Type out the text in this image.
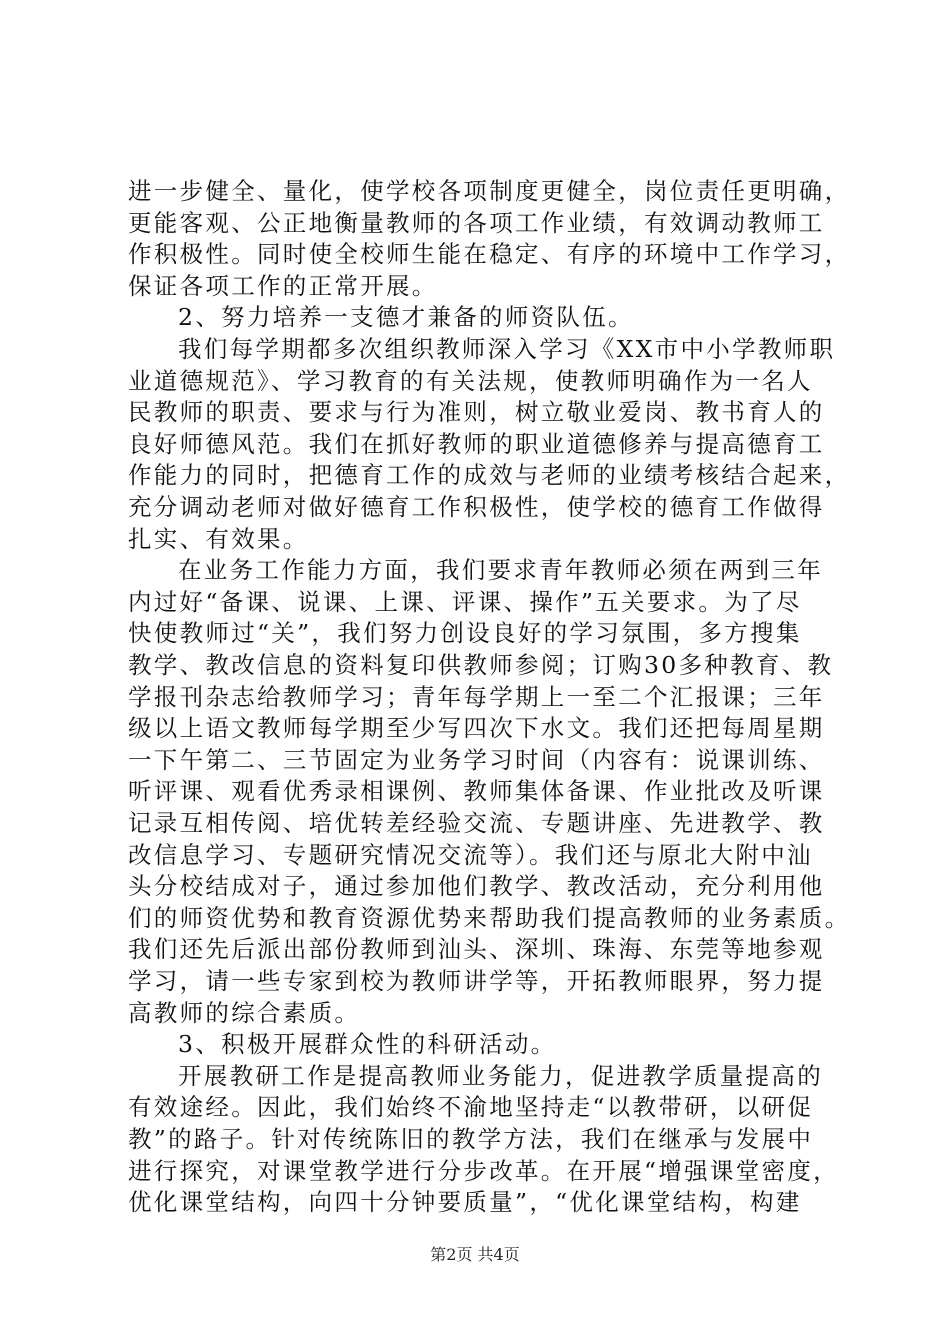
进一步健全、量化，使学校各项制度更健全，岗位责任更明确，
更能客观、公正地衡量教师的各项工作业绩，有效调动教师工
作积极性。同时使全校师生能在稳定、有序的环境中工作学习，
保证各项工作的正常开展。
2、努力培养一支德才兼备的师资队伍。
我们每学期都多次组织教师深入学习《XX市中小学教师职
业道德规范》、学习教育的有关法规，使教师明确作为一名人
民教师的职责、要求与行为准则，树立敬业爱岗、教书育人的
良好师德风范。我们在抓好教师的职业道德修养与提高德育工
作能力的同时，把德育工作的成效与老师的业绩考核结合起来，
充分调动老师对做好德育工作积极性，使学校的德育工作做得
扎实、有效果。
在业务工作能力方面，我们要求青年教师必须在两到三年
内过好“备课、说课、上课、评课、操作”五关要求。为了尽
快使教师过“关”，我们努力创设良好的学习氛围，多方搜集
教学、教改信息的资料复印供教师参阅；订购30多种教育、教
学报刊杂志给教师学习；青年每学期上一至二个汇报课；三年
级以上语文教师每学期至少写四次下水文。我们还把每周星期
一下午第二、三节固定为业务学习时间（内容有：说课训练、
听评课、观看优秀录相课例、教师集体备课、作业批改及听课
记录互相传阅、培优转差经验交流、专题讲座、先进教学、教
改信息学习、专题研究情况交流等）。我们还与原北大附中汕
头分校结成对子，通过参加他们教学、教改活动，充分利用他
们的师资优势和教育资源优势来帮助我们提高教师的业务素质。
我们还先后派出部份教师到汕头、深圳、珠海、东莞等地参观
学习，请一些专家到校为教师讲学等，开拓教师眼界，努力提
高教师的综合素质。
3、积极开展群众性的科研活动。
开展教研工作是提高教师业务能力，促进教学质量提高的
有效途经。因此，我们始终不渝地坚持走“以教带研，以研促
教”的路子。针对传统陈旧的教学方法，我们在继承与发展中
进行探究，对课堂教学进行分步改革。在开展“增强课堂密度，
优化课堂结构，向四十分钟要质量”，“优化课堂结构，构建
第2页 共4页
